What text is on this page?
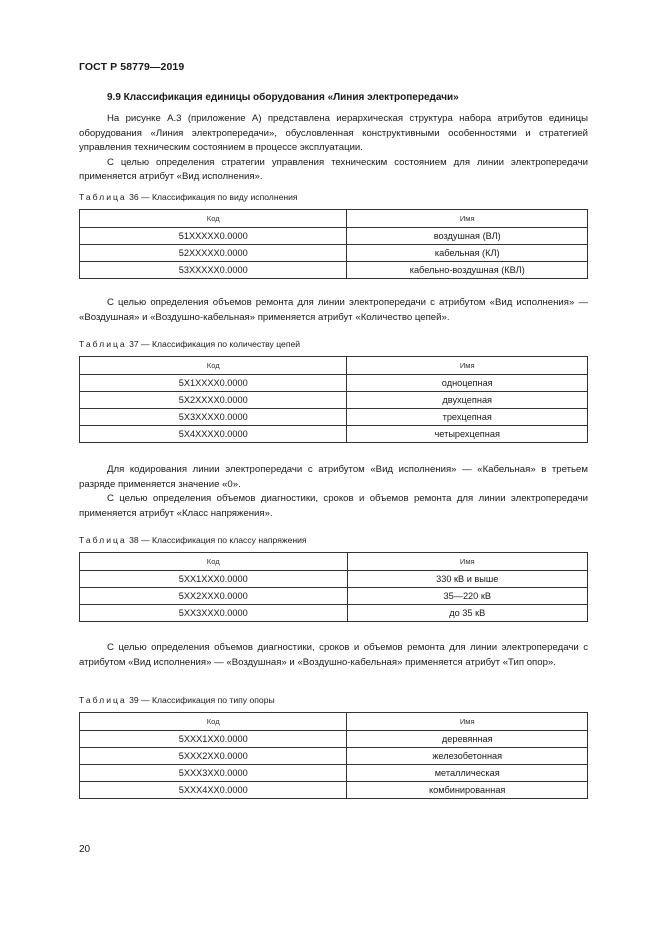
ГОСТ Р 58779—2019
9.9 Классификация единицы оборудования «Линия электропередачи»

На рисунке А.3 (приложение А) представлена иерархическая структура набора атрибутов единицы оборудования «Линия электропередачи», обусловленная конструктивными особенностями и стратегией управления техническим состоянием в процессе эксплуатации.

С целью определения стратегии управления техническим состоянием для линии электропередачи применяется атрибут «Вид исполнения».

Таблица 36 — Классификация по виду исполнения
Код	Имя
51XXXXX0.0000	воздушная (ВЛ)
52XXXXX0.0000	кабельная (КЛ)
53XXXXX0.0000	кабельно-воздушная (КВЛ)

С целью определения объемов ремонта для линии электропередачи с атрибутом «Вид исполнения» — «Воздушная» и «Воздушно-кабельная» применяется атрибут «Количество цепей».

Таблица 37 — Классификация по количеству цепей
Код	Имя
5X1XXXX0.0000	одноцепная
5X2XXXX0.0000	двухцепная
5X3XXXX0.0000	трехцепная
5X4XXXX0.0000	четырехцепная

Для кодирования линии электропередачи с атрибутом «Вид исполнения» — «Кабельная» в третьем разряде применяется значение «0».

С целью определения объемов диагностики, сроков и объемов ремонта для линии электропередачи применяется атрибут «Класс напряжения».

Таблица 38 — Классификация по классу напряжения
Код	Имя
5XX1XXX0.0000	330 кВ и выше
5XX2XXX0.0000	35—220 кВ
5XX3XXX0.0000	до 35 кВ

С целью определения объемов диагностики, сроков и объемов ремонта для линии электропередачи с атрибутом «Вид исполнения» — «Воздушная» и «Воздушно-кабельная» применяется атрибут «Тип опор».

Таблица 39 — Классификация по типу опоры
Код	Имя
5XXX1XX0.0000	деревянная
5XXX2XX0.0000	железобетонная
5XXX3XX0.0000	металлическая
5XXX4XX0.0000	комбинированная
20
